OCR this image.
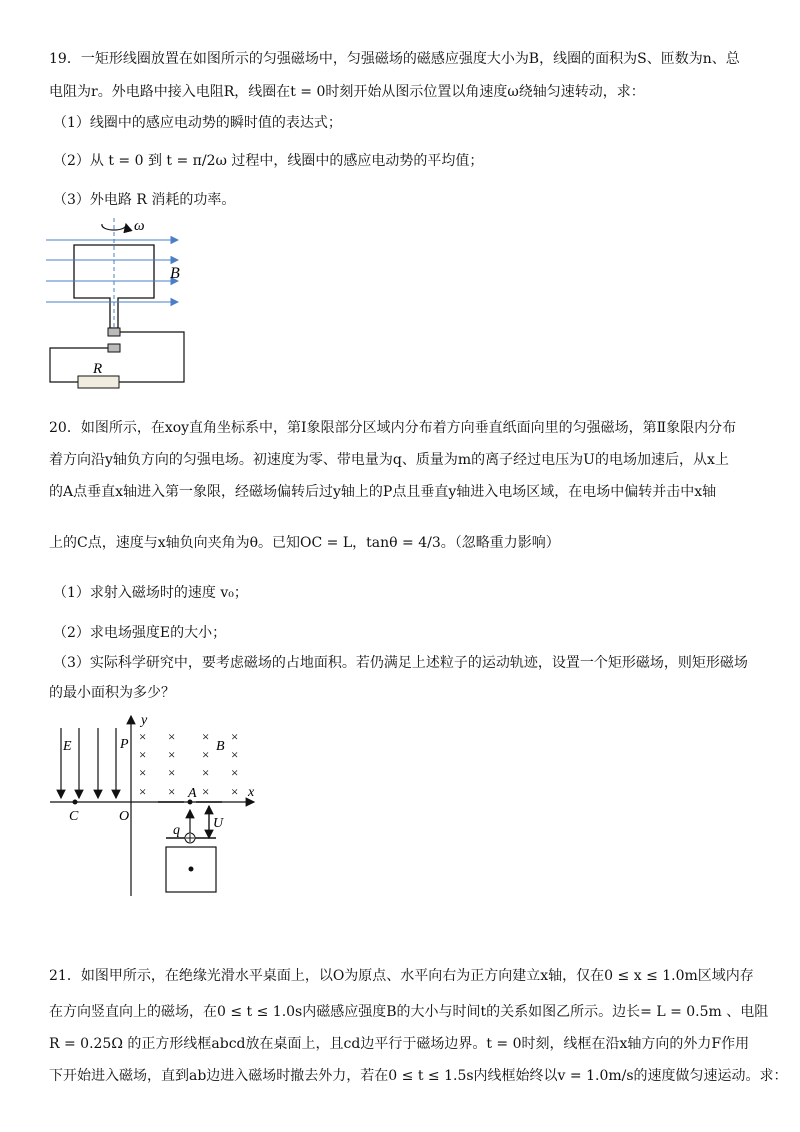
19．一矩形线圈放置在如图所示的匀强磁场中，匀强磁场的磁感应强度大小为B，线圈的面积为S、匝数为n、总
电阻为r。外电路中接入电阻R，线圈在t = 0时刻开始从图示位置以角速度ω绕轴匀速转动，求：
（1）线圈中的感应电动势的瞬时值的表达式；
（2）从 t = 0 到 t = π/2ω 过程中，线圈中的感应电动势的平均值；
（3）外电路 R 消耗的功率。
ω
B
R
20．如图所示，在xoy直角坐标系中，第Ⅰ象限部分区域内分布着方向垂直纸面向里的匀强磁场，第Ⅱ象限内分布
着方向沿y轴负方向的匀强电场。初速度为零、带电量为q、质量为m的离子经过电压为U的电场加速后，从x上
的A点垂直x轴进入第一象限，经磁场偏转后过y轴上的P点且垂直y轴进入电场区域，在电场中偏转并击中x轴
上的C点，速度与x轴负向夹角为θ。已知OC = L，tanθ = 4/3。（忽略重力影响）
（1）求射入磁场时的速度 v₀；
（2）求电场强度E的大小；
（3）实际科学研究中，要考虑磁场的占地面积。若仍满足上述粒子的运动轨迹，设置一个矩形磁场，则矩形磁场
的最小面积为多少？
y
x
E	P
× × × ×
× × × ×
× × × ×
× × × ×
B
C	O
A
q U
21．如图甲所示，在绝缘光滑水平桌面上，以O为原点、水平向右为正方向建立x轴，仅在0 ≤ x ≤ 1.0m区域内存
在方向竖直向上的磁场，在0 ≤ t ≤ 1.0s内磁感应强度B的大小与时间t的关系如图乙所示。边长= L = 0.5m 、电阻
R = 0.25Ω 的正方形线框abcd放在桌面上，且cd边平行于磁场边界。t = 0时刻，线框在沿x轴方向的外力F作用
下开始进入磁场，直到ab边进入磁场时撤去外力，若在0 ≤ t ≤ 1.5s内线框始终以v = 1.0m/s的速度做匀速运动。求：
